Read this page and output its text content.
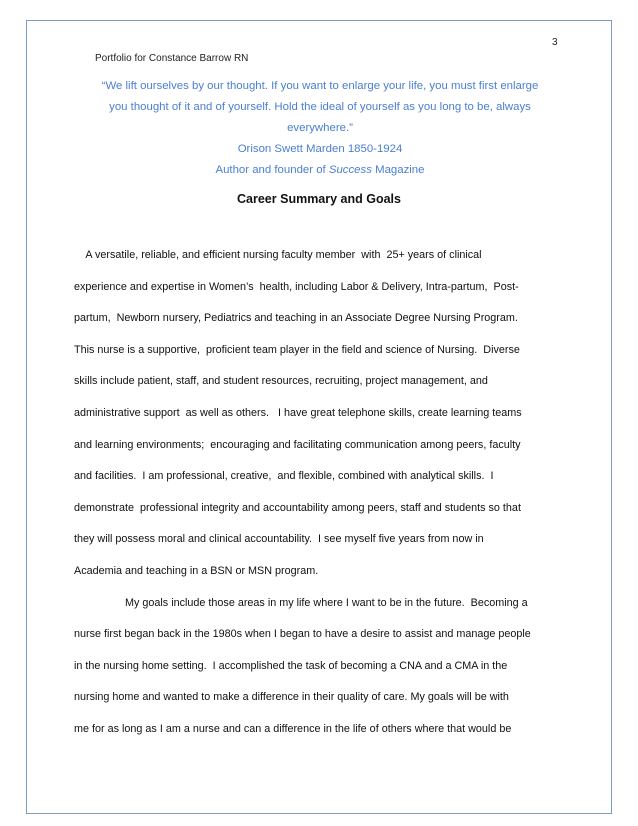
3
Portfolio for Constance Barrow RN

“We lift ourselves by our thought. If you want to enlarge your life, you must first enlarge

you thought of it and of yourself. Hold the ideal of yourself as you long to be, always

everywhere.”

Orison Swett Marden 1850-1924

Author and founder of Success Magazine

Career Summary and Goals
A versatile, reliable, and efficient nursing faculty member  with  25+ years of clinical
experience and expertise in Women’s  health, including Labor & Delivery, Intra-partum,  Post-
partum,  Newborn nursery, Pediatrics and teaching in an Associate Degree Nursing Program.
This nurse is a supportive,  proficient team player in the field and science of Nursing.  Diverse
skills include patient, staff, and student resources, recruiting, project management, and
administrative support  as well as others.   I have great telephone skills, create learning teams
and learning environments;  encouraging and facilitating communication among peers, faculty
and facilities.  I am professional, creative,  and flexible, combined with analytical skills.  I
demonstrate  professional integrity and accountability among peers, staff and students so that
they will possess moral and clinical accountability.  I see myself five years from now in
Academia and teaching in a BSN or MSN program.
My goals include those areas in my life where I want to be in the future.  Becoming a
nurse first began back in the 1980s when I began to have a desire to assist and manage people
in the nursing home setting.  I accomplished the task of becoming a CNA and a CMA in the
nursing home and wanted to make a difference in their quality of care. My goals will be with
me for as long as I am a nurse and can a difference in the life of others where that would be
